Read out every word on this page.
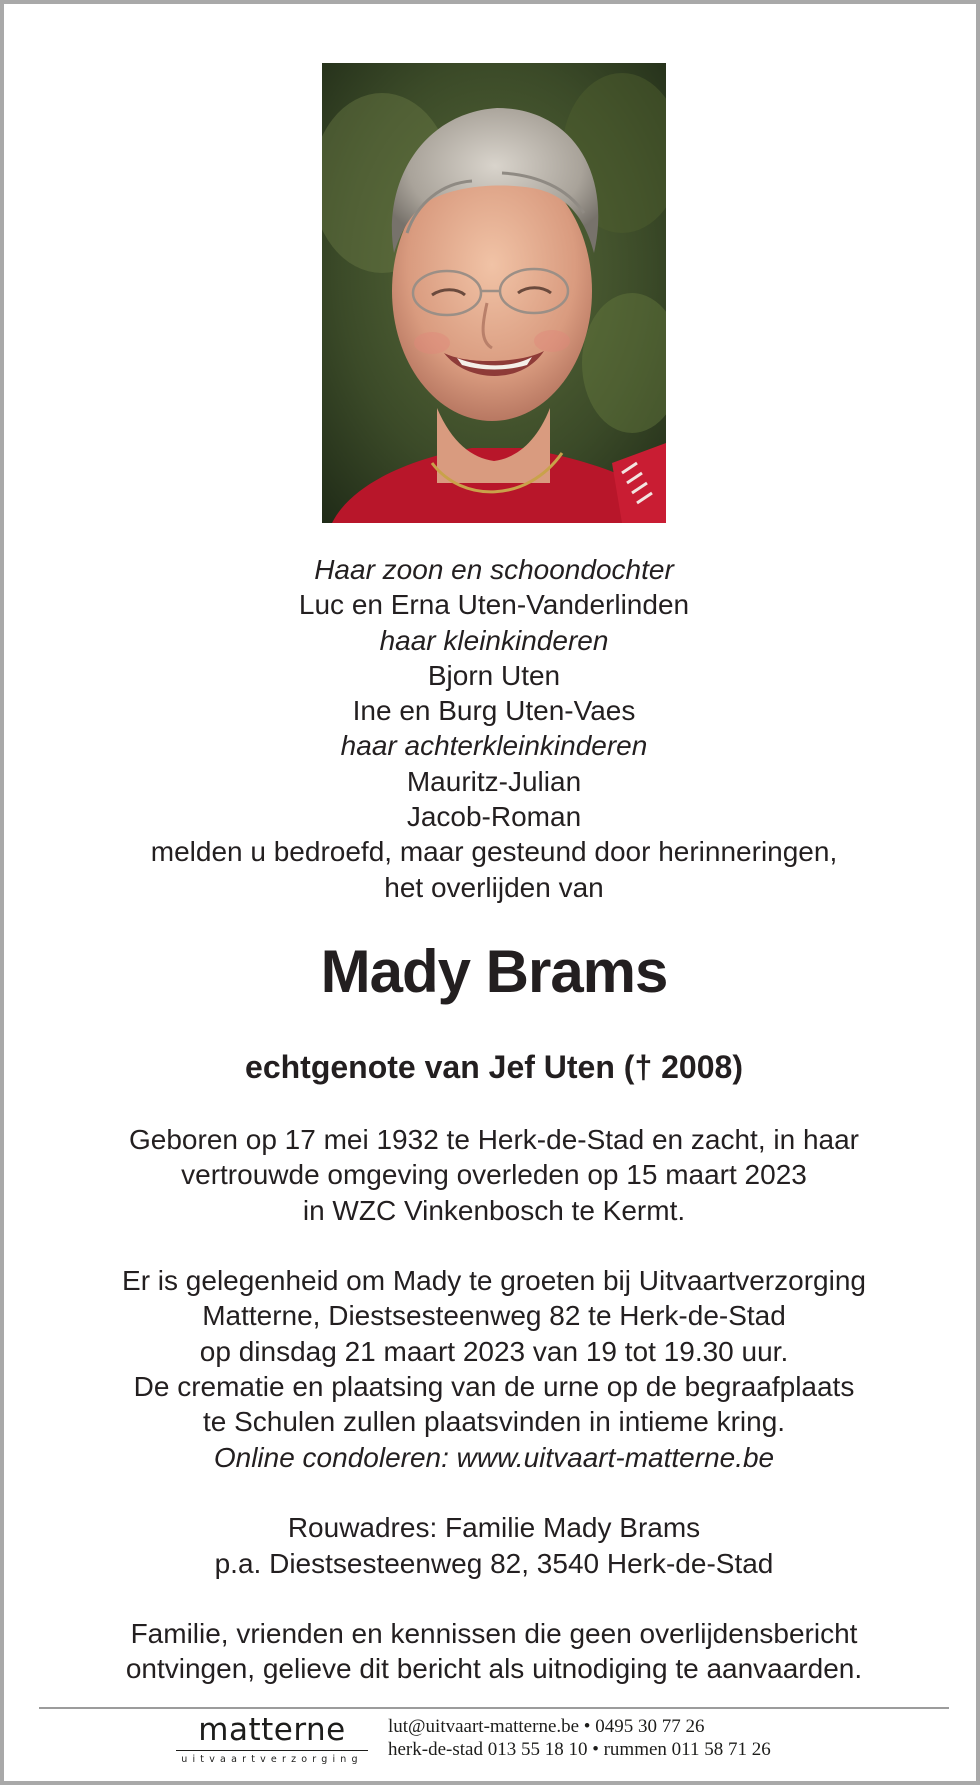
Haar zoon en schoondochter
Luc en Erna Uten-Vanderlinden
haar kleinkinderen
Bjorn Uten
Ine en Burg Uten-Vaes
haar achterkleinkinderen
Mauritz-Julian
Jacob-Roman
melden u bedroefd, maar gesteund door herinneringen,
het overlijden van
Mady Brams
echtgenote van Jef Uten († 2008)
Geboren op 17 mei 1932 te Herk-de-Stad en zacht, in haar
vertrouwde omgeving overleden op 15 maart 2023
in WZC Vinkenbosch te Kermt.
Er is gelegenheid om Mady te groeten bij Uitvaartverzorging
Matterne, Diestsesteenweg 82 te Herk-de-Stad
op dinsdag 21 maart 2023 van 19 tot 19.30 uur.
De crematie en plaatsing van de urne op de begraafplaats
te Schulen zullen plaatsvinden in intieme kring.
Online condoleren: www.uitvaart-matterne.be
Rouwadres: Familie Mady Brams
p.a. Diestsesteenweg 82, 3540 Herk-de-Stad
Familie, vrienden en kennissen die geen overlijdensbericht
ontvingen, gelieve dit bericht als uitnodiging te aanvaarden.
matterne
uitvaartverzorging
lut@uitvaart-matterne.be • 0495 30 77 26
herk-de-stad 013 55 18 10 • rummen 011 58 71 26
